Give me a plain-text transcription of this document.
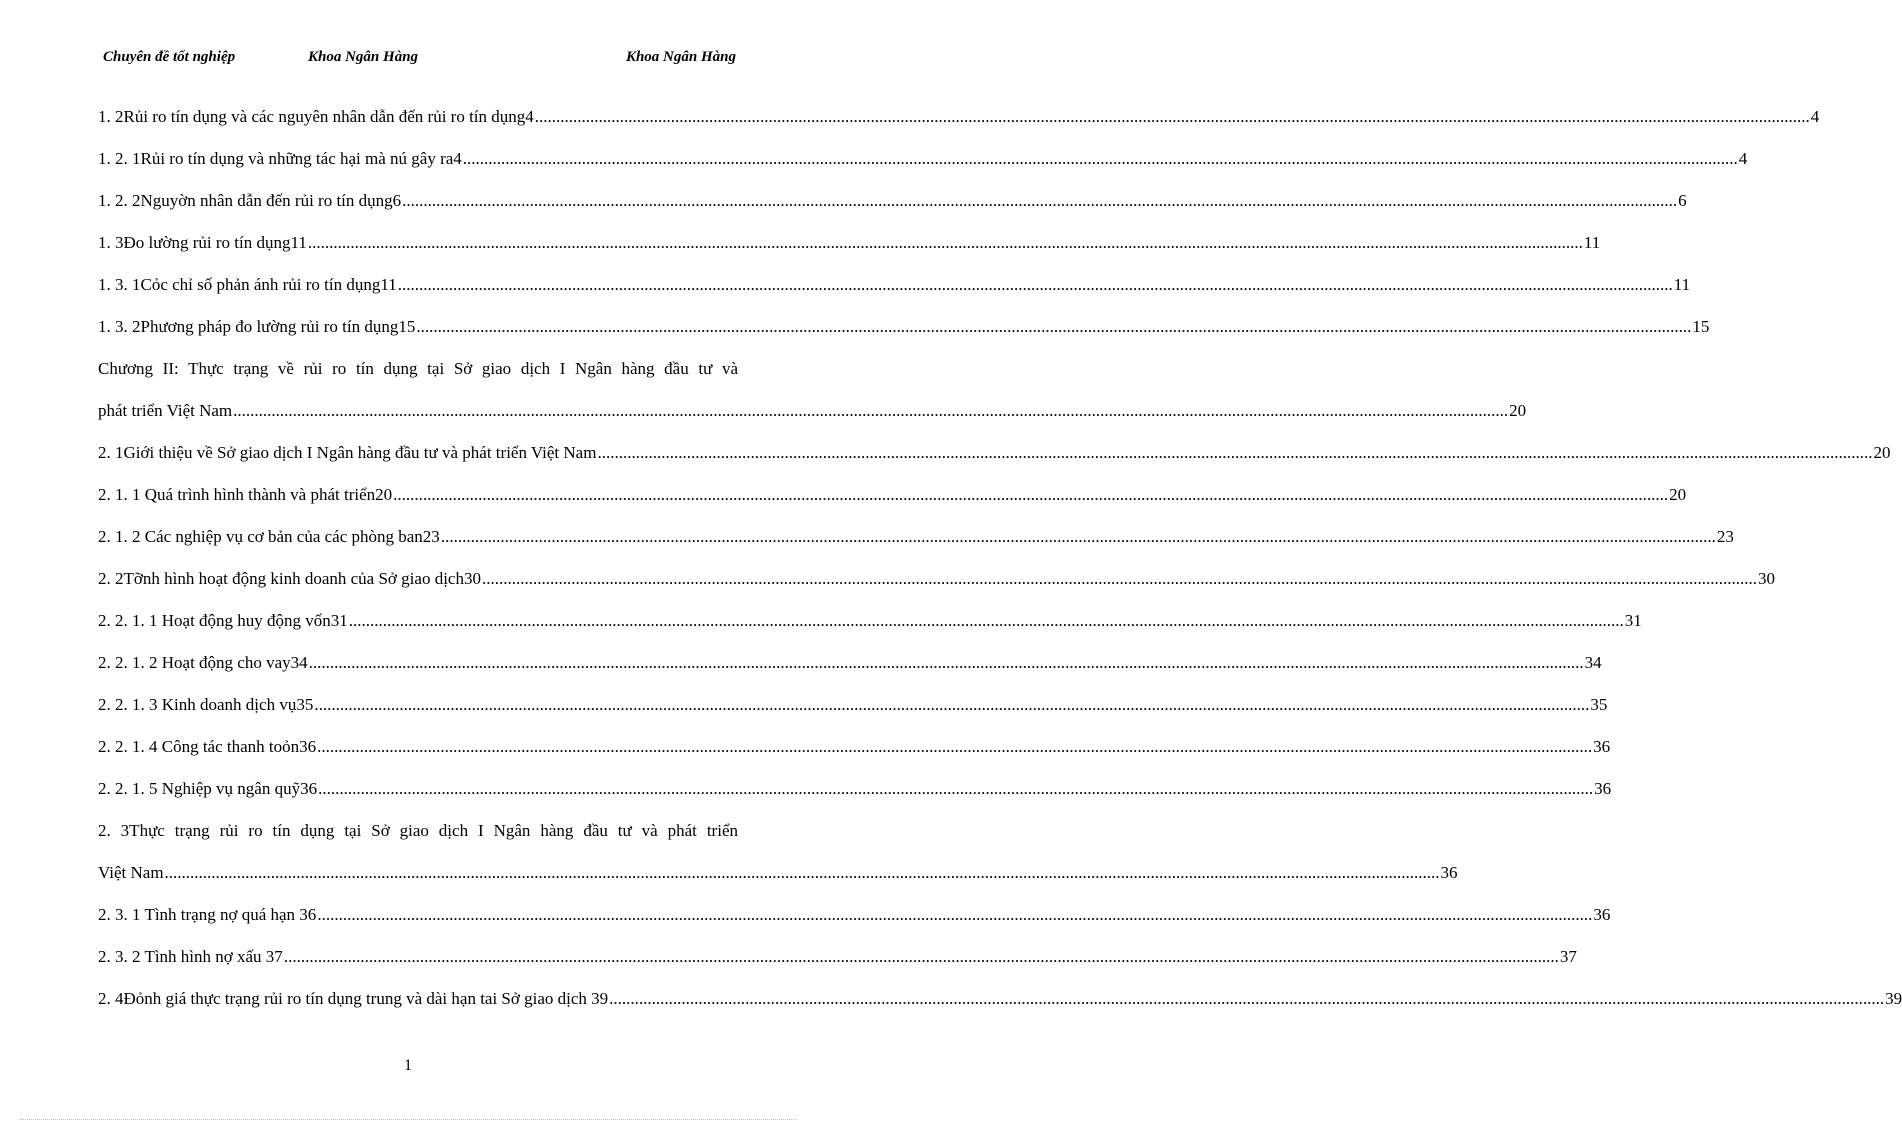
Chuyên đề tốt nghiệp	Khoa Ngân Hàng	Khoa Ngân Hàng
1. 2Rủi ro tín dụng và các nguyên nhân dẫn đến rủi ro tín dụng4 ............................................................................................................................................................................................................................................................................................................ 4
1. 2. 1Rủi ro tín dụng và những tác hại mà nú gây ra4 ............................................................................................................................................................................................................................................................................................................ 4
1. 2. 2Nguyờn nhân dẫn đến rủi ro tín dụng6 ............................................................................................................................................................................................................................................................................................................ 6
1. 3Đo lường rủi ro tín dụng11 ............................................................................................................................................................................................................................................................................................................ 11
1. 3. 1Cỏc chỉ số phản ánh rủi ro tín dụng11 ............................................................................................................................................................................................................................................................................................................ 11
1. 3. 2Phương pháp đo lường rủi ro tín dụng15 ............................................................................................................................................................................................................................................................................................................ 15
Chương II: Thực trạng về rủi ro tín dụng tại Sở giao dịch I Ngân hàng đầu tư và
phát triển Việt Nam ............................................................................................................................................................................................................................................................................................................ 20
2. 1Giới thiệu về Sở giao dịch I Ngân hàng đầu tư và phát triển Việt Nam ............................................................................................................................................................................................................................................................................................................ 20
2. 1. 1 Quá trình hình thành và phát triển20 ............................................................................................................................................................................................................................................................................................................ 20
2. 1. 2 Các nghiệp vụ cơ bản của các phòng ban23 ............................................................................................................................................................................................................................................................................................................ 23
2. 2Tỡnh hình hoạt động kinh doanh của Sở giao dịch30 ............................................................................................................................................................................................................................................................................................................ 30
2. 2. 1. 1 Hoạt động huy động vốn31 ............................................................................................................................................................................................................................................................................................................ 31
2. 2. 1. 2 Hoạt động cho vay34 ............................................................................................................................................................................................................................................................................................................ 34
2. 2. 1. 3 Kinh doanh dịch vụ35 ............................................................................................................................................................................................................................................................................................................ 35
2. 2. 1. 4 Công tác thanh toỏn36 ............................................................................................................................................................................................................................................................................................................ 36
2. 2. 1. 5 Nghiệp vụ ngân quỹ36 ............................................................................................................................................................................................................................................................................................................ 36
2. 3Thực trạng rủi ro tín dụng tại Sở giao dịch I Ngân hàng đầu tư và phát triển
Việt Nam ............................................................................................................................................................................................................................................................................................................ 36
2. 3. 1 Tình trạng nợ quá hạn 36 ............................................................................................................................................................................................................................................................................................................ 36
2. 3. 2 Tình hình nợ xấu 37 ............................................................................................................................................................................................................................................................................................................ 37
2. 4Đỏnh giá thực trạng rủi ro tín dụng trung và dài hạn tai Sở giao dịch 39 ............................................................................................................................................................................................................................................................................................................ 39
1
